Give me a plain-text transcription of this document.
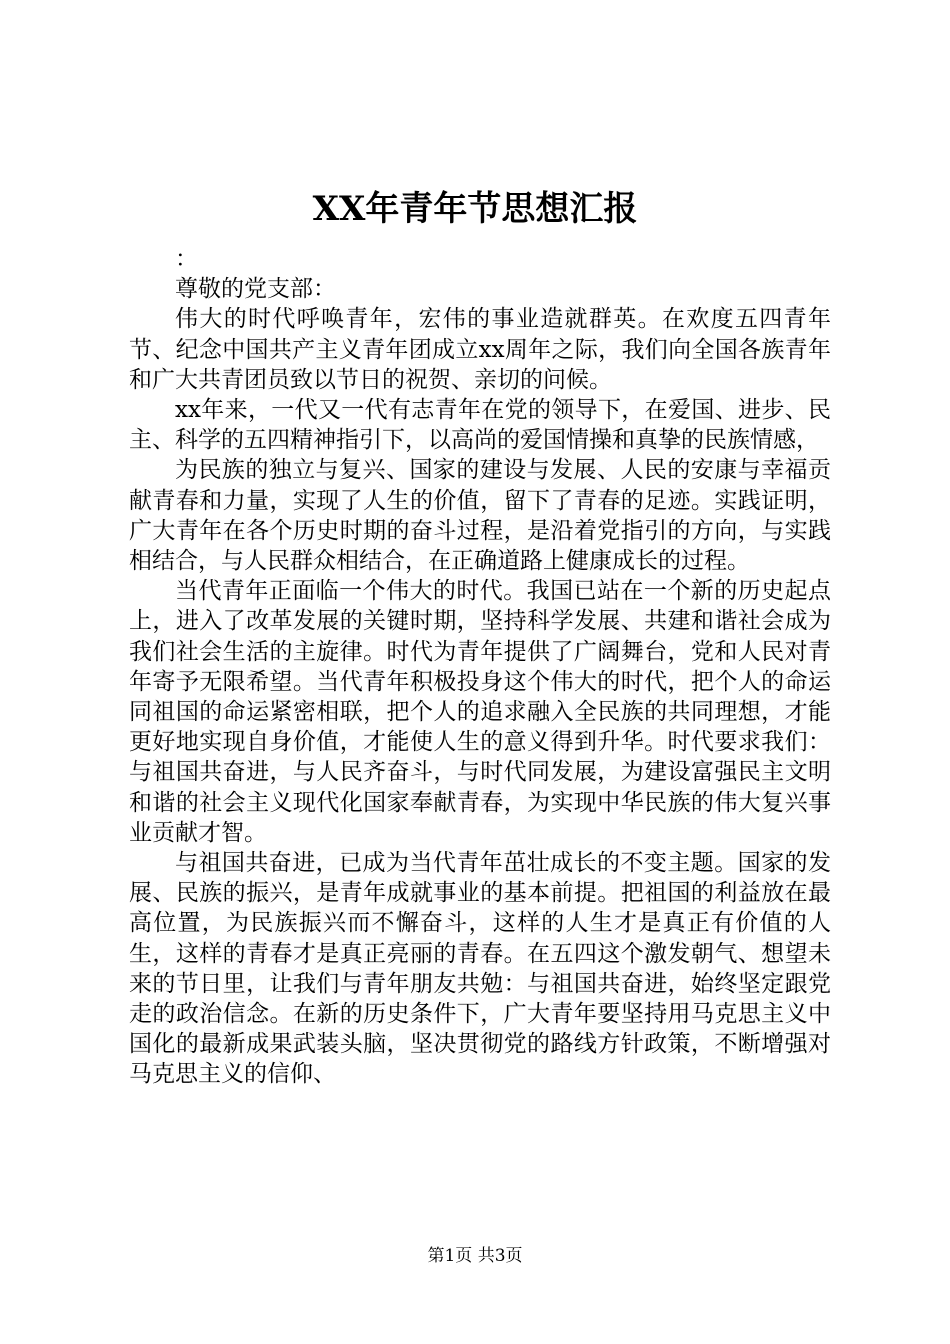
XX年青年节思想汇报

：

尊敬的党支部：

伟大的时代呼唤青年，宏伟的事业造就群英。在欢度五四青年节、纪念中国共产主义青年团成立xx周年之际，我们向全国各族青年和广大共青团员致以节日的祝贺、亲切的问候。

xx年来，一代又一代有志青年在党的领导下，在爱国、进步、民主、科学的五四精神指引下，以高尚的爱国情操和真挚的民族情感，

为民族的独立与复兴、国家的建设与发展、人民的安康与幸福贡献青春和力量，实现了人生的价值，留下了青春的足迹。实践证明，广大青年在各个历史时期的奋斗过程，是沿着党指引的方向，与实践相结合，与人民群众相结合，在正确道路上健康成长的过程。

当代青年正面临一个伟大的时代。我国已站在一个新的历史起点上，进入了改革发展的关键时期，坚持科学发展、共建和谐社会成为我们社会生活的主旋律。时代为青年提供了广阔舞台，党和人民对青年寄予无限希望。当代青年积极投身这个伟大的时代，把个人的命运同祖国的命运紧密相联，把个人的追求融入全民族的共同理想，才能更好地实现自身价值，才能使人生的意义得到升华。时代要求我们：与祖国共奋进，与人民齐奋斗，与时代同发展，为建设富强民主文明和谐的社会主义现代化国家奉献青春，为实现中华民族的伟大复兴事业贡献才智。

与祖国共奋进，已成为当代青年茁壮成长的不变主题。国家的发展、民族的振兴，是青年成就事业的基本前提。把祖国的利益放在最高位置，为民族振兴而不懈奋斗，这样的人生才是真正有价值的人生，这样的青春才是真正亮丽的青春。在五四这个激发朝气、想望未来的节日里，让我们与青年朋友共勉：与祖国共奋进，始终坚定跟党走的政治信念。在新的历史条件下，广大青年要坚持用马克思主义中国化的最新成果武装头脑，坚决贯彻党的路线方针政策，不断增强对马克思主义的信仰、

第1页 共3页
